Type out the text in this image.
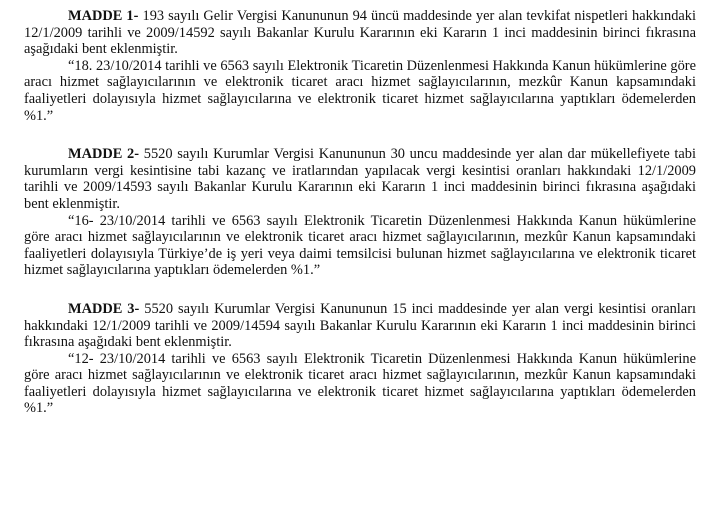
MADDE 1- 193 sayılı Gelir Vergisi Kanununun 94 üncü maddesinde yer alan tevkifat nispetleri hakkındaki 12/1/2009 tarihli ve 2009/14592 sayılı Bakanlar Kurulu Kararının eki Kararın 1 inci maddesinin birinci fıkrasına aşağıdaki bent eklenmiştir.

“18. 23/10/2014 tarihli ve 6563 sayılı Elektronik Ticaretin Düzenlenmesi Hakkında Kanun hükümlerine göre aracı hizmet sağlayıcılarının ve elektronik ticaret aracı hizmet sağlayıcılarının, mezkûr Kanun kapsamındaki faaliyetleri dolayısıyla hizmet sağlayıcılarına ve elektronik ticaret hizmet sağlayıcılarına yaptıkları ödemelerden %1.”

MADDE 2- 5520 sayılı Kurumlar Vergisi Kanununun 30 uncu maddesinde yer alan dar mükellefiyete tabi kurumların vergi kesintisine tabi kazanç ve iratlarından yapılacak vergi kesintisi oranları hakkındaki 12/1/2009 tarihli ve 2009/14593 sayılı Bakanlar Kurulu Kararının eki Kararın 1 inci maddesinin birinci fıkrasına aşağıdaki bent eklenmiştir.

“16- 23/10/2014 tarihli ve 6563 sayılı Elektronik Ticaretin Düzenlenmesi Hakkında Kanun hükümlerine göre aracı hizmet sağlayıcılarının ve elektronik ticaret aracı hizmet sağlayıcılarının, mezkûr Kanun kapsamındaki faaliyetleri dolayısıyla Türkiye’de iş yeri veya daimi temsilcisi bulunan hizmet sağlayıcılarına ve elektronik ticaret hizmet sağlayıcılarına yaptıkları ödemelerden %1.”

MADDE 3- 5520 sayılı Kurumlar Vergisi Kanununun 15 inci maddesinde yer alan vergi kesintisi oranları hakkındaki 12/1/2009 tarihli ve 2009/14594 sayılı Bakanlar Kurulu Kararının eki Kararın 1 inci maddesinin birinci fıkrasına aşağıdaki bent eklenmiştir.

“12- 23/10/2014 tarihli ve 6563 sayılı Elektronik Ticaretin Düzenlenmesi Hakkında Kanun hükümlerine göre aracı hizmet sağlayıcılarının ve elektronik ticaret aracı hizmet sağlayıcılarının, mezkûr Kanun kapsamındaki faaliyetleri dolayısıyla hizmet sağlayıcılarına ve elektronik ticaret hizmet sağlayıcılarına yaptıkları ödemelerden %1.”
